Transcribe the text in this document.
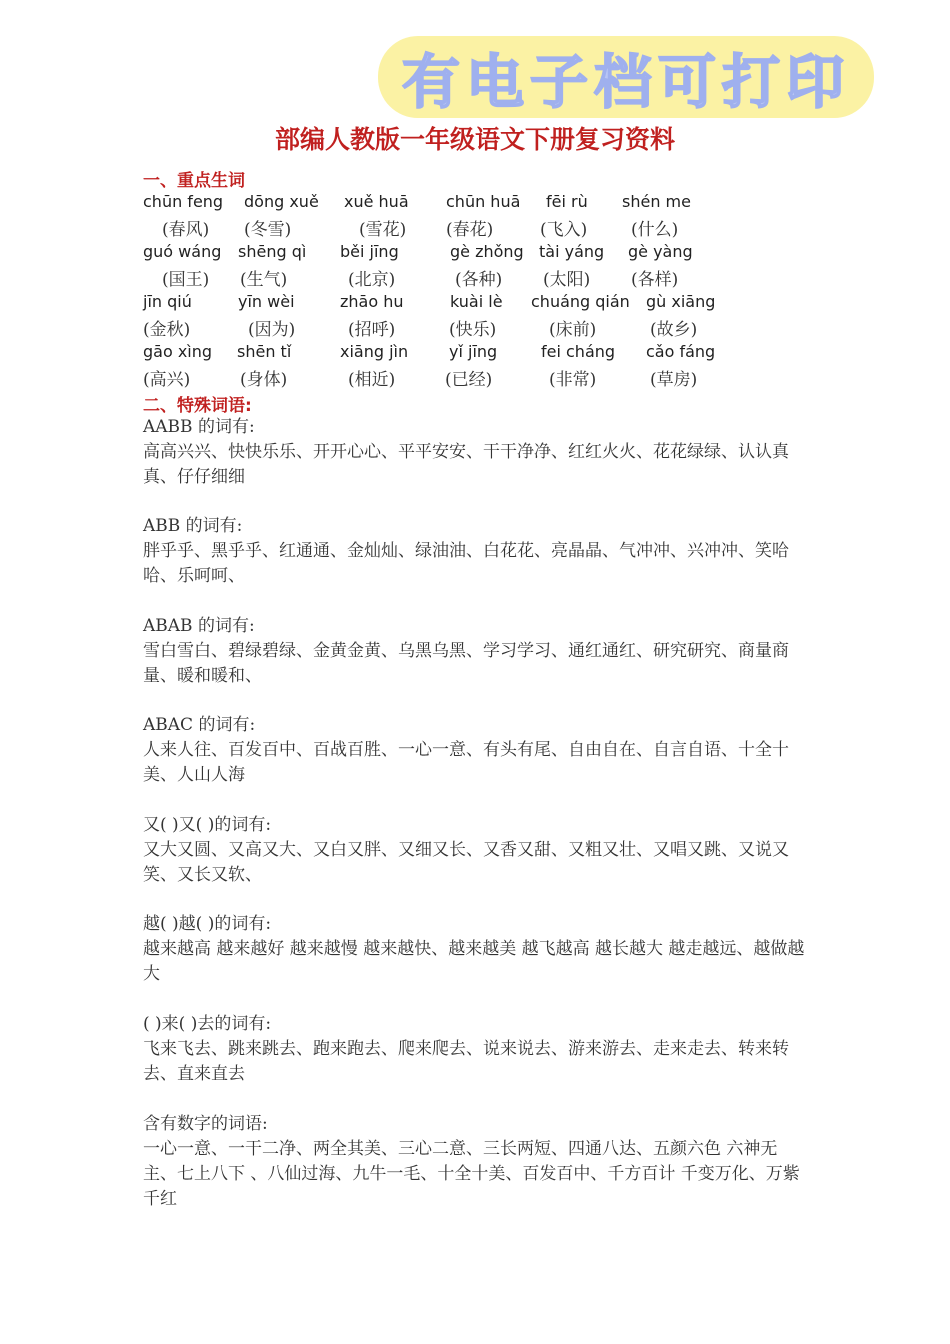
有电子档可打印
部编人教版一年级语文下册复习资料
一、重点生词
chūn feng
(春风)
dōng xuě
(冬雪)
xuě huā
(雪花)
chūn huā
(春花)
fēi rù
(飞入)
shén me
(什么)
guó wáng
(国王)
shēng qì
(生气)
běi jīng
(北京)
gè zhǒng
(各种)
tài yáng
(太阳)
gè yàng
(各样)
jīn qiú
(金秋)
yīn wèi
(因为)
zhāo hu
(招呼)
kuài lè
(快乐)
chuáng qián
(床前)
gù xiāng
(故乡)
gāo xìng
(高兴)
shēn tǐ
(身体)
xiāng jìn
(相近)
yǐ jīng
(已经)
fei cháng
(非常)
cǎo fáng
(草房)
二、特殊词语:
AABB 的词有:
高高兴兴、快快乐乐、开开心心、平平安安、干干净净、红红火火、花花绿绿、认认真真、仔仔细细
ABB 的词有:
胖乎乎、黑乎乎、红通通、金灿灿、绿油油、白花花、亮晶晶、气冲冲、兴冲冲、笑哈哈、乐呵呵、
ABAB 的词有:
雪白雪白、碧绿碧绿、金黄金黄、乌黑乌黑、学习学习、通红通红、研究研究、商量商量、暖和暖和、
ABAC 的词有:
人来人往、百发百中、百战百胜、一心一意、有头有尾、自由自在、自言自语、十全十美、人山人海
又( )又( )的词有:
又大又圆、又高又大、又白又胖、又细又长、又香又甜、又粗又壮、又唱又跳、又说又笑、又长又软、
越( )越( )的词有:
越来越高 越来越好 越来越慢 越来越快、越来越美 越飞越高 越长越大 越走越远、越做越大
( )来( )去的词有:
飞来飞去、跳来跳去、跑来跑去、爬来爬去、说来说去、游来游去、走来走去、转来转去、直来直去
含有数字的词语:
一心一意、一干二净、两全其美、三心二意、三长两短、四通八达、五颜六色 六神无主、七上八下 、八仙过海、九牛一毛、十全十美、百发百中、千方百计 千变万化、万紫千红
